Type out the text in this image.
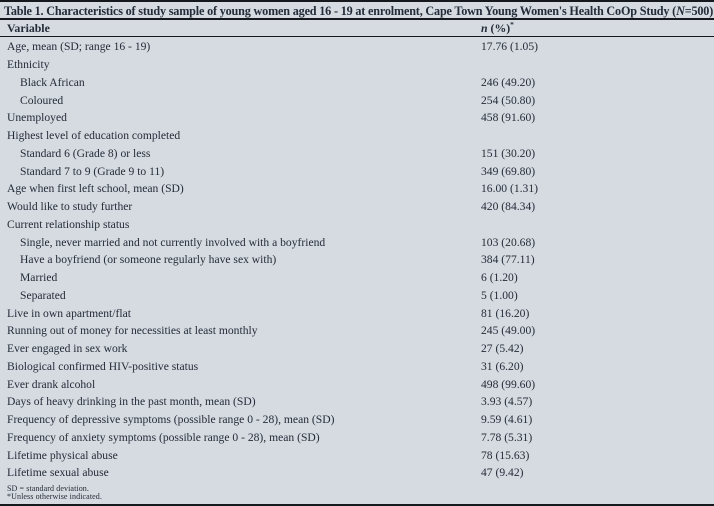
Table 1. Characteristics of study sample of young women aged 16 - 19 at enrolment, Cape Town Young Women's Health CoOp Study (N=500)
Variable	n (%)*
Age, mean (SD; range 16 - 19)	17.76 (1.05)
Ethnicity
Black African	246 (49.20)
Coloured	254 (50.80)
Unemployed	458 (91.60)
Highest level of education completed
Standard 6 (Grade 8) or less	151 (30.20)
Standard 7 to 9 (Grade 9 to 11)	349 (69.80)
Age when first left school, mean (SD)	16.00 (1.31)
Would like to study further	420 (84.34)
Current relationship status
Single, never married and not currently involved with a boyfriend	103 (20.68)
Have a boyfriend (or someone regularly have sex with)	384 (77.11)
Married	6 (1.20)
Separated	5 (1.00)
Live in own apartment/flat	81 (16.20)
Running out of money for necessities at least monthly	245 (49.00)
Ever engaged in sex work	27 (5.42)
Biological confirmed HIV-positive status	31 (6.20)
Ever drank alcohol	498 (99.60)
Days of heavy drinking in the past month, mean (SD)	3.93 (4.57)
Frequency of depressive symptoms (possible range 0 - 28), mean (SD)	9.59 (4.61)
Frequency of anxiety symptoms (possible range 0 - 28), mean (SD)	7.78 (5.31)
Lifetime physical abuse	78 (15.63)
Lifetime sexual abuse	47 (9.42)
SD = standard deviation.
*Unless otherwise indicated.
